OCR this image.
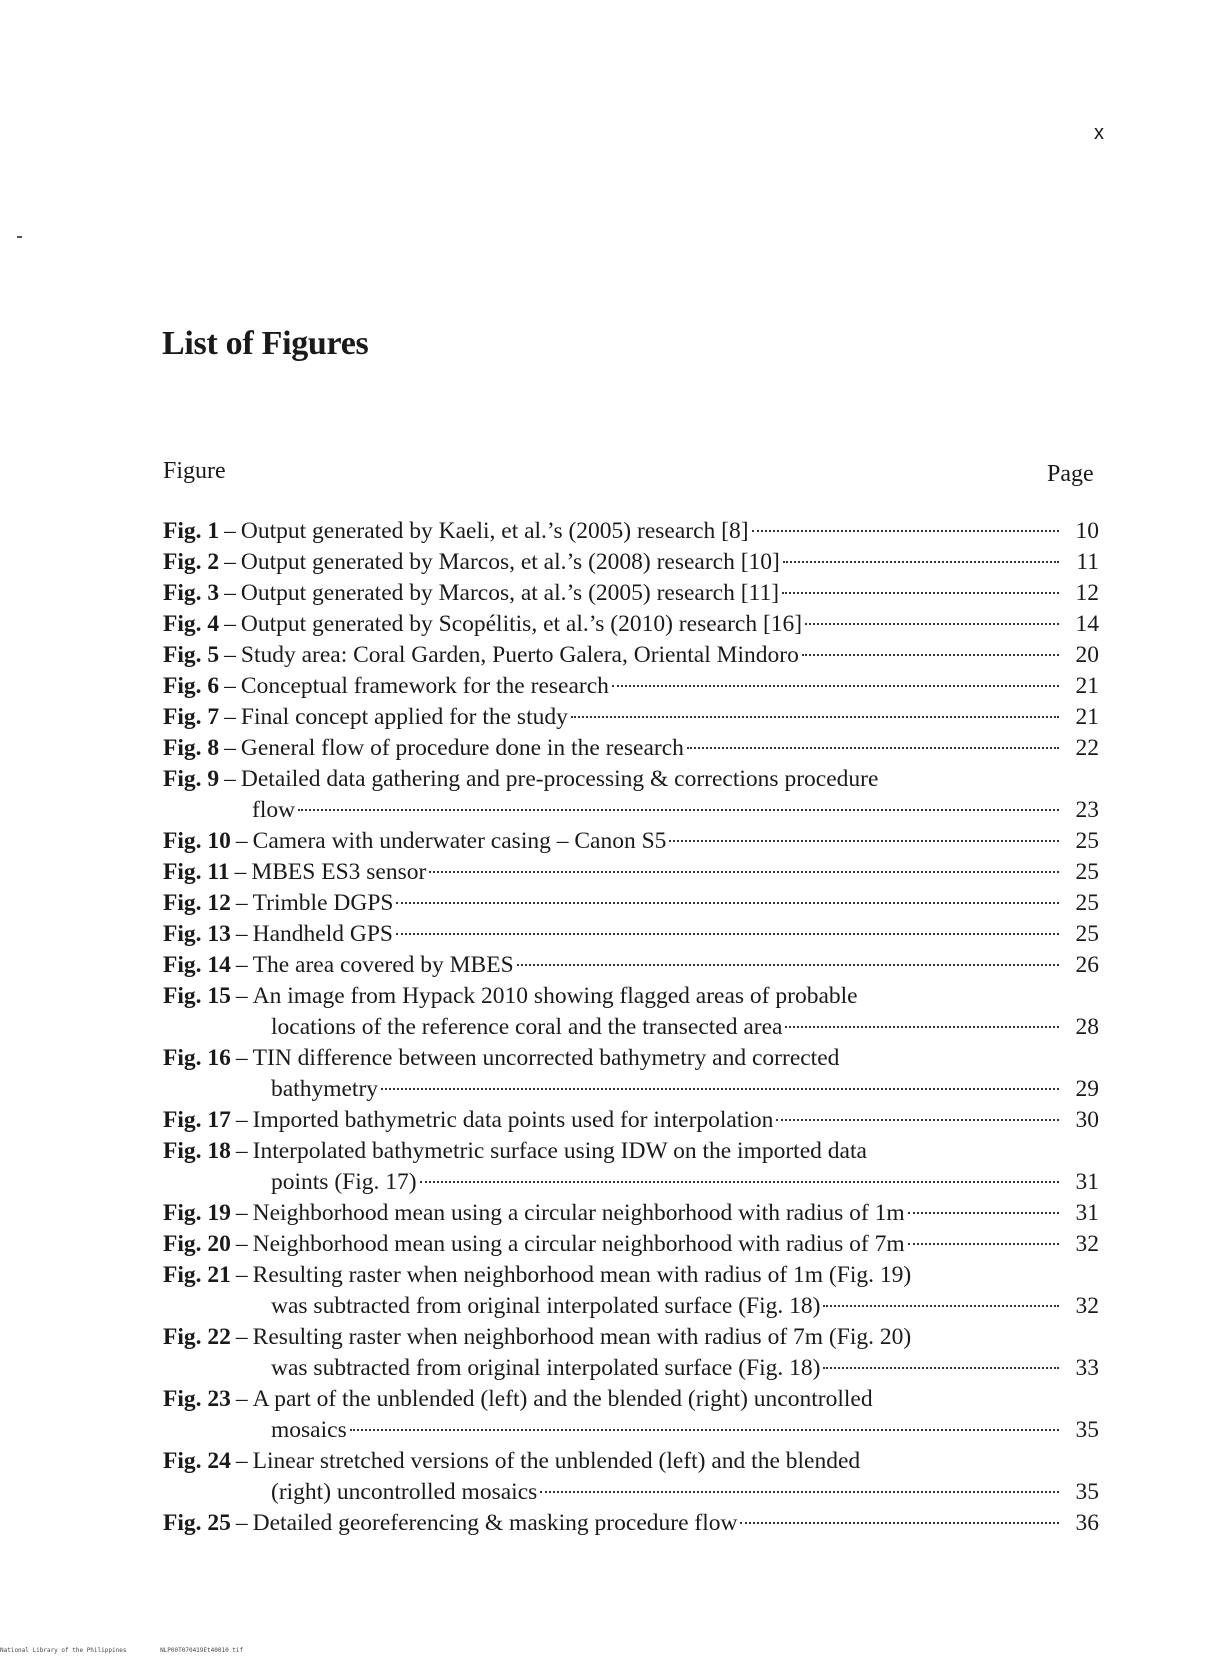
x
List of Figures
Figure	Page
Fig. 1 – Output generated by Kaeli, et al.’s (2005) research [8]	10
Fig. 2 – Output generated by Marcos, et al.’s (2008) research [10]	11
Fig. 3 – Output generated by Marcos, at al.’s (2005) research [11]	12
Fig. 4 – Output generated by Scopélitis, et al.’s (2010) research [16]	14
Fig. 5 – Study area: Coral Garden, Puerto Galera, Oriental Mindoro	20
Fig. 6 – Conceptual framework for the research	21
Fig. 7 – Final concept applied for the study	21
Fig. 8 – General flow of procedure done in the research	22
Fig. 9 – Detailed data gathering and pre-processing & corrections procedure
flow	23
Fig. 10 – Camera with underwater casing – Canon S5	25
Fig. 11 – MBES ES3 sensor	25
Fig. 12 – Trimble DGPS	25
Fig. 13 – Handheld GPS	25
Fig. 14 – The area covered by MBES	26
Fig. 15 – An image from Hypack 2010 showing flagged areas of probable
locations of the reference coral and the transected area	28
Fig. 16 – TIN difference between uncorrected bathymetry and corrected
bathymetry	29
Fig. 17 – Imported bathymetric data points used for interpolation	30
Fig. 18 – Interpolated bathymetric surface using IDW on the imported data
points (Fig. 17)	31
Fig. 19 – Neighborhood mean using a circular neighborhood with radius of 1m	31
Fig. 20 – Neighborhood mean using a circular neighborhood with radius of 7m	32
Fig. 21 – Resulting raster when neighborhood mean with radius of 1m (Fig. 19)
was subtracted from original interpolated surface (Fig. 18)	32
Fig. 22 – Resulting raster when neighborhood mean with radius of 7m (Fig. 20)
was subtracted from original interpolated surface (Fig. 18)	33
Fig. 23 – A part of the unblended (left) and the blended (right) uncontrolled
mosaics	35
Fig. 24 – Linear stretched versions of the unblended (left) and the blended
(right) uncontrolled mosaics	35
Fig. 25 – Detailed georeferencing & masking procedure flow	36
National Library of the Philippines	NLP00T070419Et40010 tif
